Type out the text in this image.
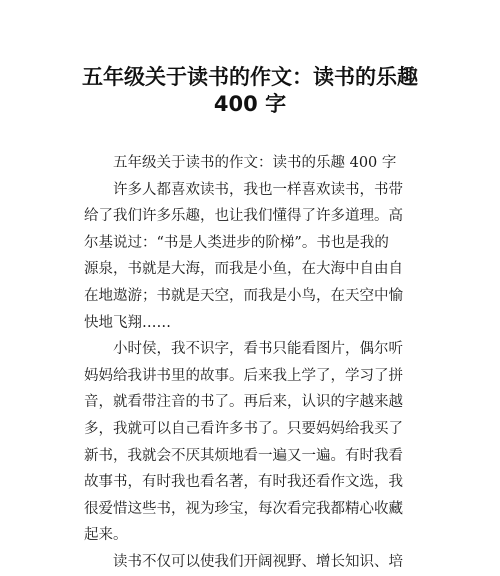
五年级关于读书的作文：读书的乐趣
400 字
五年级关于读书的作文：读书的乐趣 400 字
许多人都喜欢读书，我也一样喜欢读书，书带
给了我们许多乐趣，也让我们懂得了许多道理。高
尔基说过：“书是人类进步的阶梯”。书也是我的
源泉，书就是大海，而我是小鱼，在大海中自由自
在地遨游；书就是天空，而我是小鸟，在天空中愉
快地飞翔……
小时侯，我不识字，看书只能看图片，偶尔听
妈妈给我讲书里的故事。后来我上学了，学习了拼
音，就看带注音的书了。再后来，认识的字越来越
多，我就可以自己看许多书了。只要妈妈给我买了
新书，我就会不厌其烦地看一遍又一遍。有时我看
故事书，有时我也看名著，有时我还看作文选，我
很爱惜这些书，视为珍宝，每次看完我都精心收藏
起来。
读书不仅可以使我们开阔视野、增长知识、培
